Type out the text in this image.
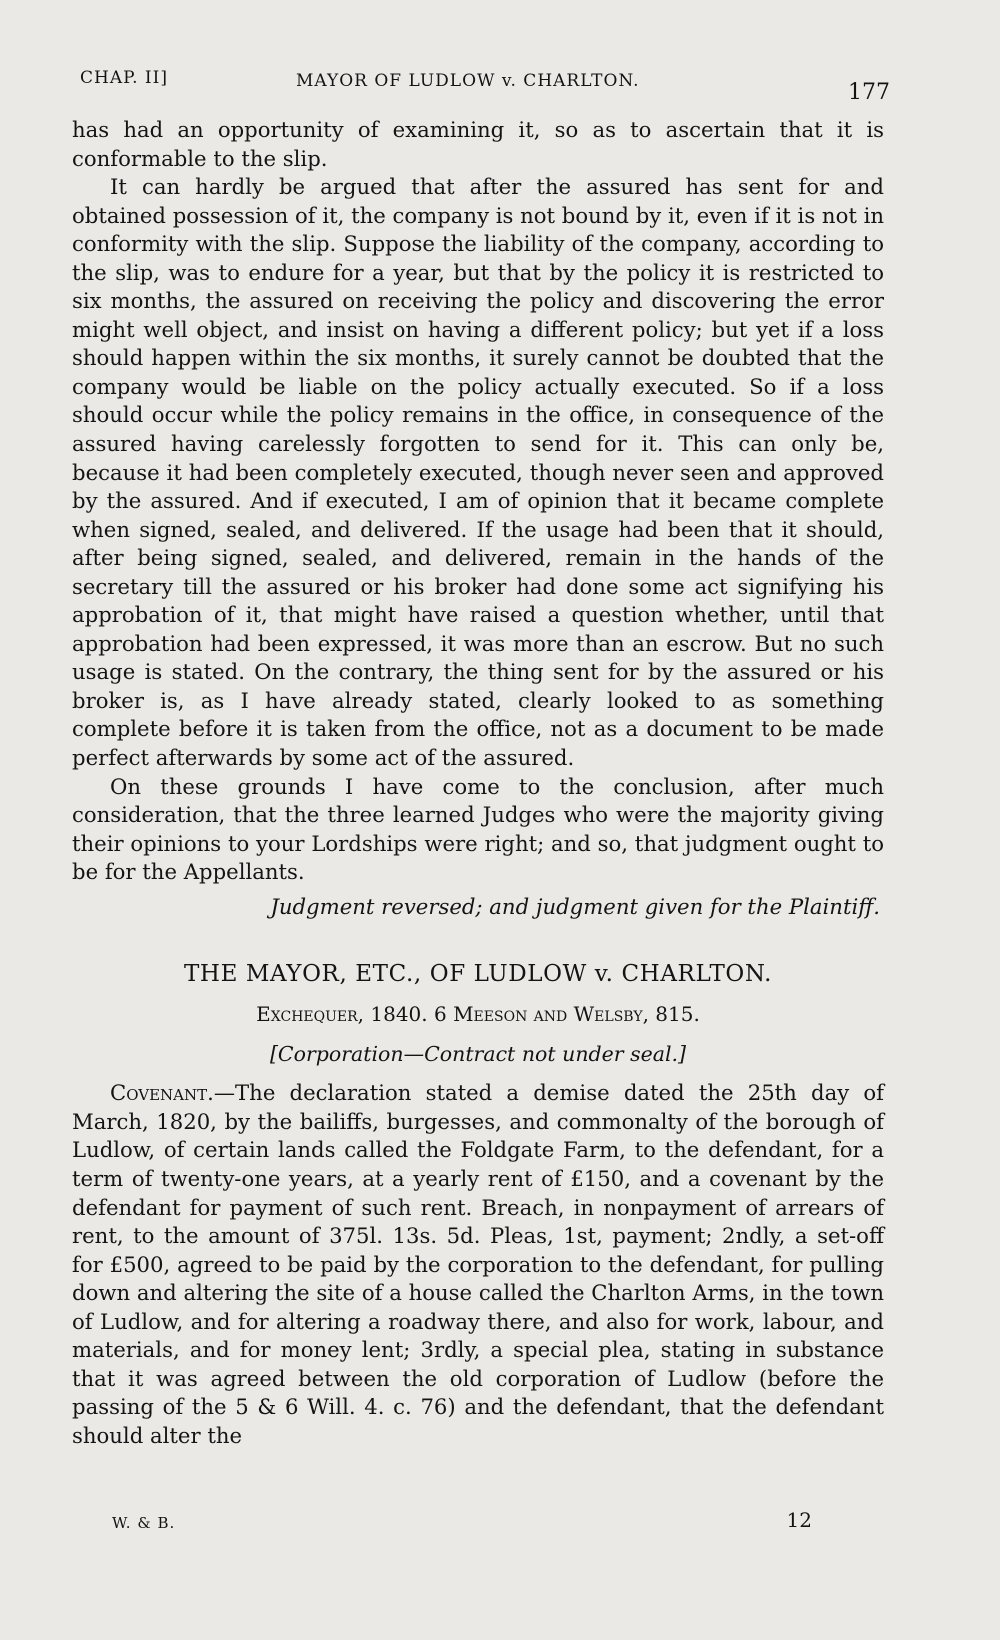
CHAP. II]	MAYOR OF LUDLOW v. CHARLTON.	177

has had an opportunity of examining it, so as to ascertain that it is conformable to the slip.

It can hardly be argued that after the assured has sent for and obtained possession of it, the company is not bound by it, even if it is not in conformity with the slip. Suppose the liability of the company, according to the slip, was to endure for a year, but that by the policy it is restricted to six months, the assured on receiving the policy and discovering the error might well object, and insist on having a different policy; but yet if a loss should happen within the six months, it surely cannot be doubted that the company would be liable on the policy actually executed. So if a loss should occur while the policy remains in the office, in consequence of the assured having carelessly forgotten to send for it. This can only be, because it had been completely executed, though never seen and approved by the assured. And if executed, I am of opinion that it became complete when signed, sealed, and delivered. If the usage had been that it should, after being signed, sealed, and delivered, remain in the hands of the secretary till the assured or his broker had done some act signifying his approbation of it, that might have raised a question whether, until that approbation had been expressed, it was more than an escrow. But no such usage is stated. On the contrary, the thing sent for by the assured or his broker is, as I have already stated, clearly looked to as something complete before it is taken from the office, not as a document to be made perfect afterwards by some act of the assured.

On these grounds I have come to the conclusion, after much consideration, that the three learned Judges who were the majority giving their opinions to your Lordships were right; and so, that judgment ought to be for the Appellants.

Judgment reversed; and judgment given for the Plaintiff.

THE MAYOR, ETC., OF LUDLOW v. CHARLTON.

Exchequer, 1840. 6 Meeson and Welsby, 815.

[Corporation—Contract not under seal.]

Covenant.—The declaration stated a demise dated the 25th day of March, 1820, by the bailiffs, burgesses, and commonalty of the borough of Ludlow, of certain lands called the Foldgate Farm, to the defendant, for a term of twenty-one years, at a yearly rent of £150, and a covenant by the defendant for payment of such rent. Breach, in nonpayment of arrears of rent, to the amount of 375l. 13s. 5d. Pleas, 1st, payment; 2ndly, a set-off for £500, agreed to be paid by the corporation to the defendant, for pulling down and altering the site of a house called the Charlton Arms, in the town of Ludlow, and for altering a roadway there, and also for work, labour, and materials, and for money lent; 3rdly, a special plea, stating in substance that it was agreed between the old corporation of Ludlow (before the passing of the 5 & 6 Will. 4. c. 76) and the defendant, that the defendant should alter the

W. & B.	12
